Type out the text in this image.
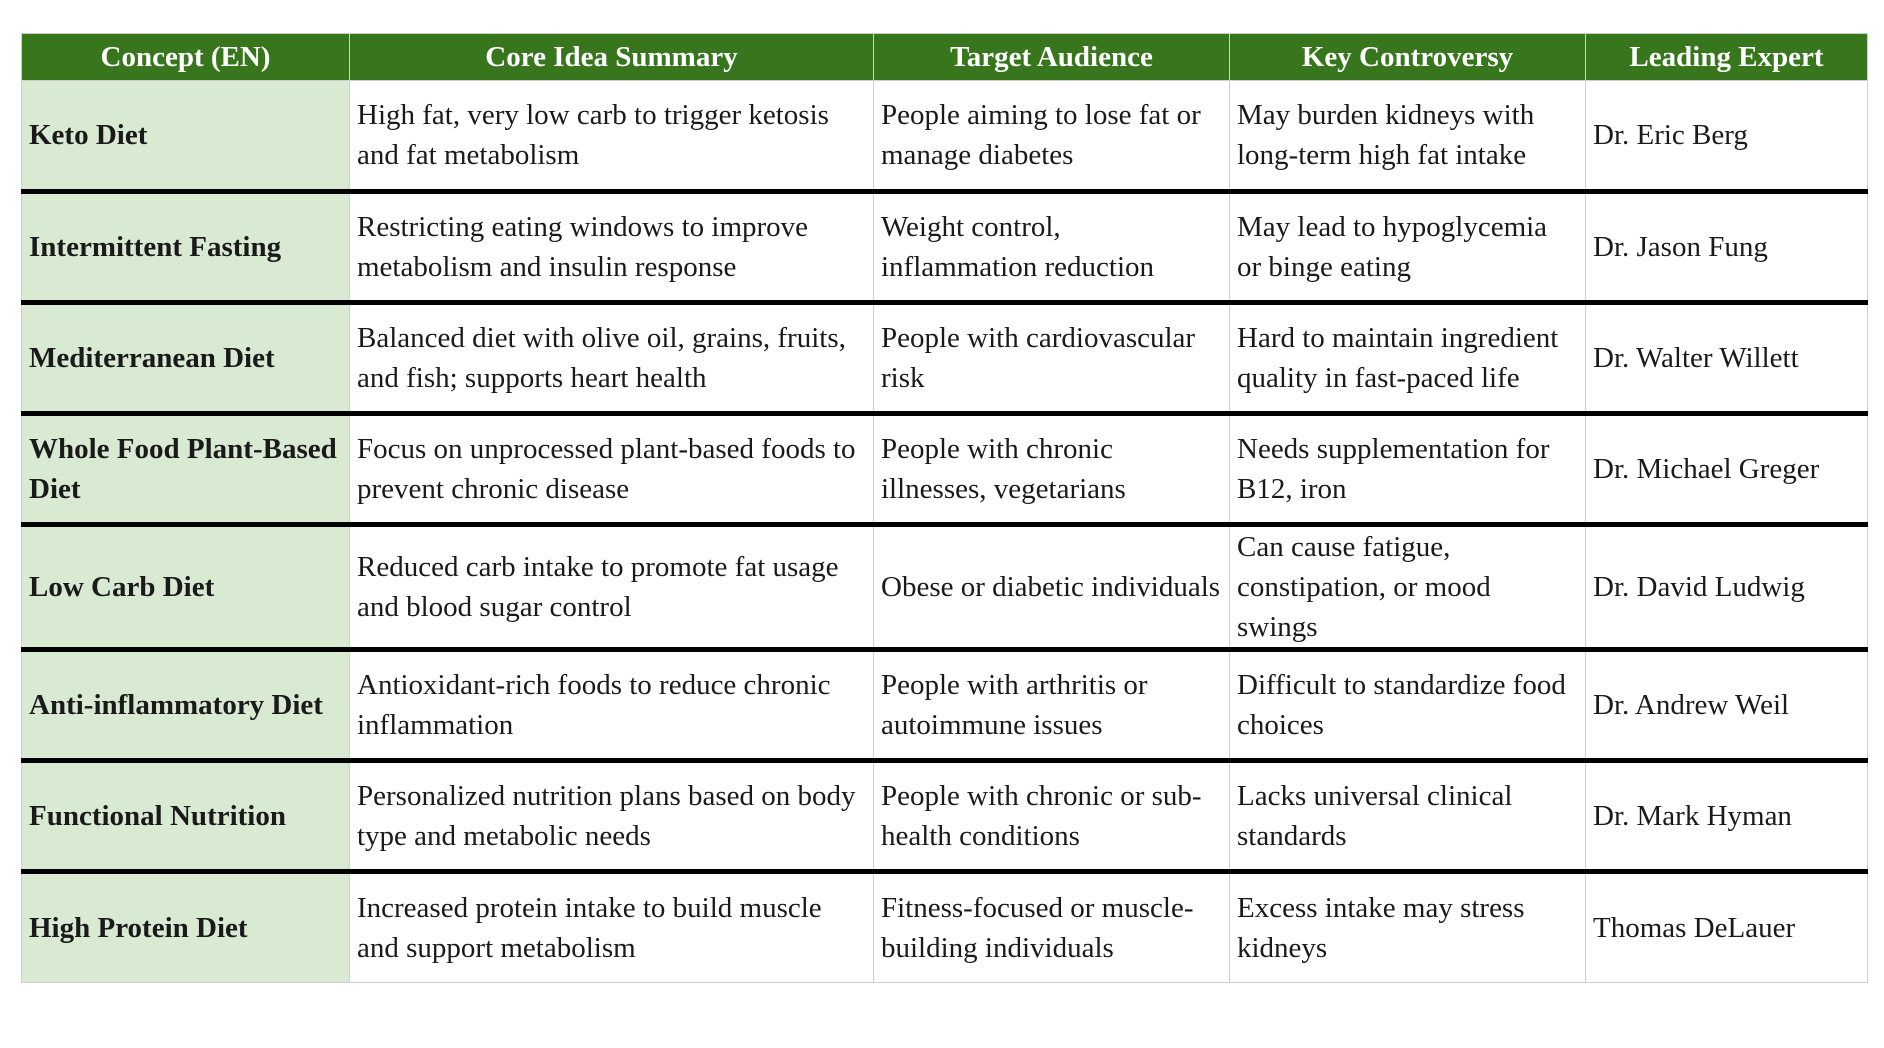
Concept (EN)	Core Idea Summary	Target Audience	Key Controversy	Leading Expert
Keto Diet	High fat, very low carb to trigger ketosis and fat metabolism	People aiming to lose fat or manage diabetes	May burden kidneys with long-term high fat intake	Dr. Eric Berg
Intermittent Fasting	Restricting eating windows to improve metabolism and insulin response	Weight control, inflammation reduction	May lead to hypoglycemia or binge eating	Dr. Jason Fung
Mediterranean Diet	Balanced diet with olive oil, grains, fruits, and fish; supports heart health	People with cardiovascular risk	Hard to maintain ingredient quality in fast-paced life	Dr. Walter Willett
Whole Food Plant-Based Diet	Focus on unprocessed plant-based foods to prevent chronic disease	People with chronic illnesses, vegetarians	Needs supplementation for B12, iron	Dr. Michael Greger
Low Carb Diet	Reduced carb intake to promote fat usage and blood sugar control	Obese or diabetic individuals	Can cause fatigue, constipation, or mood swings	Dr. David Ludwig
Anti-inflammatory Diet	Antioxidant-rich foods to reduce chronic inflammation	People with arthritis or autoimmune issues	Difficult to standardize food choices	Dr. Andrew Weil
Functional Nutrition	Personalized nutrition plans based on body type and metabolic needs	People with chronic or sub-health conditions	Lacks universal clinical standards	Dr. Mark Hyman
High Protein Diet	Increased protein intake to build muscle and support metabolism	Fitness-focused or muscle-building individuals	Excess intake may stress kidneys	Thomas DeLauer
